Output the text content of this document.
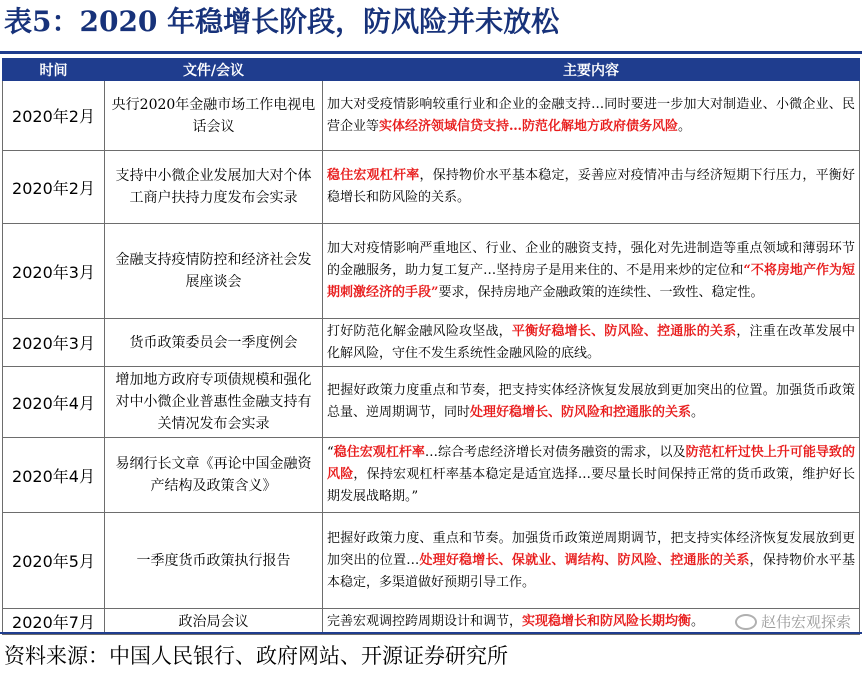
表5：2020 年稳增长阶段，防风险并未放松
时间	文件/会议	主要内容
2020年2月	央行2020年金融市场工作电视电话会议	加大对受疫情影响较重行业和企业的金融支持…同时要进一步加大对制造业、小微企业、民营企业等实体经济领域信贷支持…防范化解地方政府债务风险。
2020年2月	支持中小微企业发展加大对个体工商户扶持力度发布会实录	稳住宏观杠杆率，保持物价水平基本稳定，妥善应对疫情冲击与经济短期下行压力，平衡好稳增长和防风险的关系。
2020年3月	金融支持疫情防控和经济社会发展座谈会	加大对疫情影响严重地区、行业、企业的融资支持，强化对先进制造等重点领域和薄弱环节的金融服务，助力复工复产…坚持房子是用来住的、不是用来炒的定位和“不将房地产作为短期刺激经济的手段”要求，保持房地产金融政策的连续性、一致性、稳定性。
2020年3月	货币政策委员会一季度例会	打好防范化解金融风险攻坚战，平衡好稳增长、防风险、控通胀的关系，注重在改革发展中化解风险，守住不发生系统性金融风险的底线。
2020年4月	增加地方政府专项债规模和强化对中小微企业普惠性金融支持有关情况发布会实录	把握好政策力度重点和节奏，把支持实体经济恢复发展放到更加突出的位置。加强货币政策总量、逆周期调节，同时处理好稳增长、防风险和控通胀的关系。
2020年4月	易纲行长文章《再论中国金融资产结构及政策含义》	“稳住宏观杠杆率…综合考虑经济增长对债务融资的需求，以及防范杠杆过快上升可能导致的风险，保持宏观杠杆率基本稳定是适宜选择…要尽量长时间保持正常的货币政策，维护好长期发展战略期。”
2020年5月	一季度货币政策执行报告	把握好政策力度、重点和节奏。加强货币政策逆周期调节，把支持实体经济恢复发展放到更加突出的位置…处理好稳增长、保就业、调结构、防风险、控通胀的关系，保持物价水平基本稳定，多渠道做好预期引导工作。
2020年7月	政治局会议	完善宏观调控跨周期设计和调节，实现稳增长和防风险长期均衡。
资料来源：中国人民银行、政府网站、开源证券研究所
赵伟宏观探索
